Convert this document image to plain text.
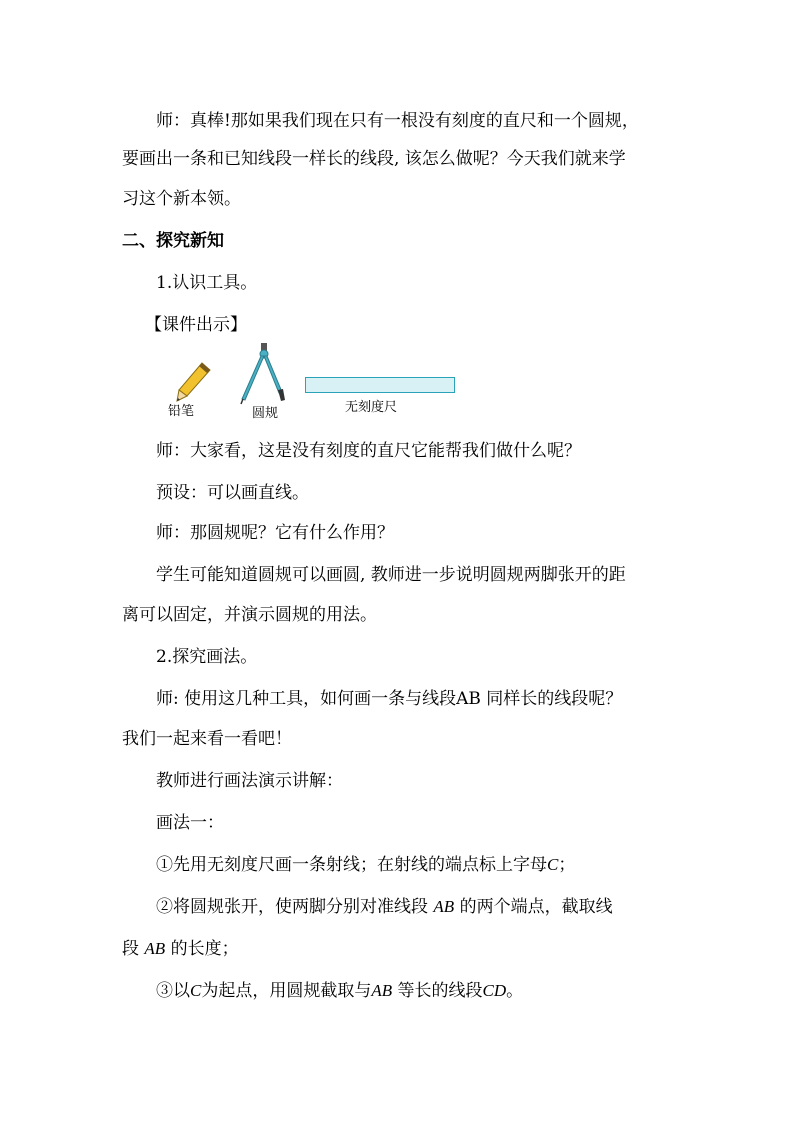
师：真棒!那如果我们现在只有一根没有刻度的直尺和一个圆规，

要画出一条和已知线段一样长的线段, 该怎么做呢？今天我们就来学

习这个新本领。

二、探究新知

1.认识工具。

【课件出示】

铅笔	圆规	无刻度尺

师：大家看，这是没有刻度的直尺它能帮我们做什么呢？

预设：可以画直线。

师：那圆规呢？它有什么作用？

学生可能知道圆规可以画圆, 教师进一步说明圆规两脚张开的距

离可以固定，并演示圆规的用法。

2.探究画法。

师: 使用这几种工具，如何画一条与线段AB 同样长的线段呢？

我们一起来看一看吧！

教师进行画法演示讲解：

画法一：

①先用无刻度尺画一条射线；在射线的端点标上字母C；

②将圆规张开，使两脚分别对准线段 AB 的两个端点，截取线

段 AB 的长度；

③以C为起点，用圆规截取与AB 等长的线段CD。
